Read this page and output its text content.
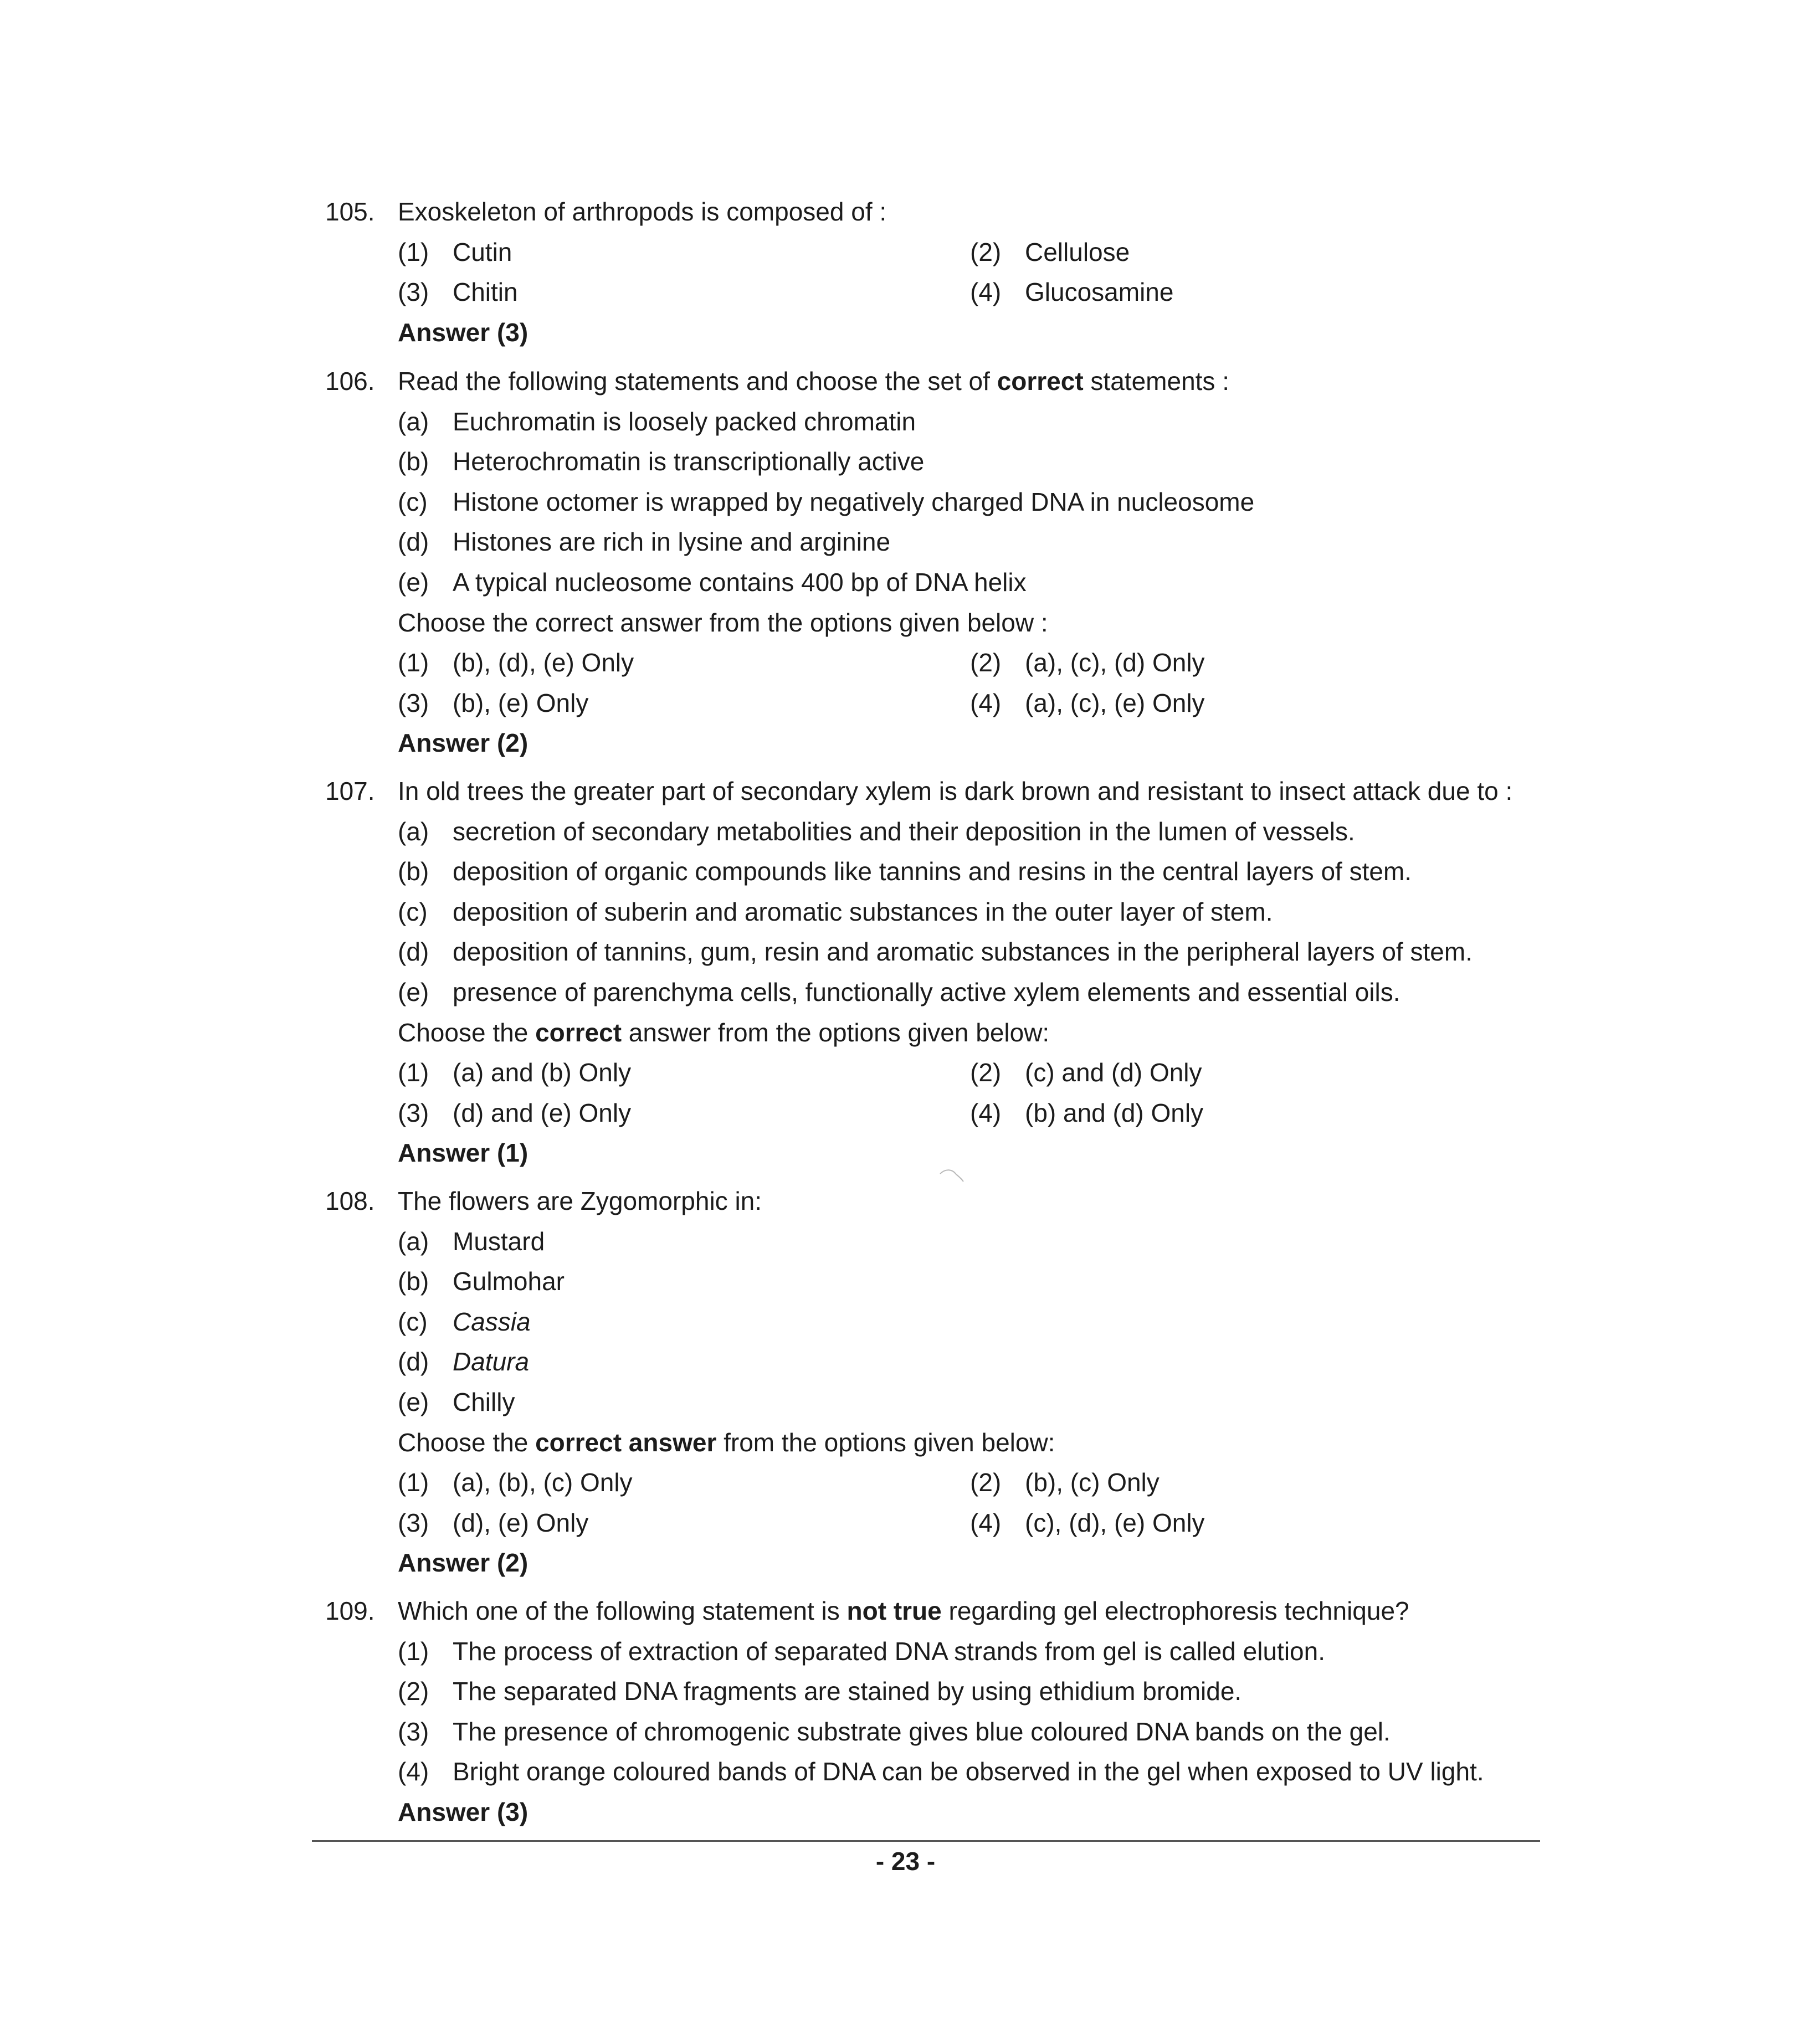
105. Exoskeleton of arthropods is composed of :
(1) Cutin	(2) Cellulose
(3) Chitin	(4) Glucosamine
Answer (3)
106. Read the following statements and choose the set of correct statements :
(a) Euchromatin is loosely packed chromatin
(b) Heterochromatin is transcriptionally active
(c) Histone octomer is wrapped by negatively charged DNA in nucleosome
(d) Histones are rich in lysine and arginine
(e) A typical nucleosome contains 400 bp of DNA helix
Choose the correct answer from the options given below :
(1) (b), (d), (e) Only	(2) (a), (c), (d) Only
(3) (b), (e) Only	(4) (a), (c), (e) Only
Answer (2)
107. In old trees the greater part of secondary xylem is dark brown and resistant to insect attack due to :
(a) secretion of secondary metabolities and their deposition in the lumen of vessels.
(b) deposition of organic compounds like tannins and resins in the central layers of stem.
(c) deposition of suberin and aromatic substances in the outer layer of stem.
(d) deposition of tannins, gum, resin and aromatic substances in the peripheral layers of stem.
(e) presence of parenchyma cells, functionally active xylem elements and essential oils.
Choose the correct answer from the options given below:
(1) (a) and (b) Only	(2) (c) and (d) Only
(3) (d) and (e) Only	(4) (b) and (d) Only
Answer (1)
108. The flowers are Zygomorphic in:
(a) Mustard
(b) Gulmohar
(c) Cassia
(d) Datura
(e) Chilly
Choose the correct answer from the options given below:
(1) (a), (b), (c) Only	(2) (b), (c) Only
(3) (d), (e) Only	(4) (c), (d), (e) Only
Answer (2)
109. Which one of the following statement is not true regarding gel electrophoresis technique?
(1) The process of extraction of separated DNA strands from gel is called elution.
(2) The separated DNA fragments are stained by using ethidium bromide.
(3) The presence of chromogenic substrate gives blue coloured DNA bands on the gel.
(4) Bright orange coloured bands of DNA can be observed in the gel when exposed to UV light.
Answer (3)
- 23 -
